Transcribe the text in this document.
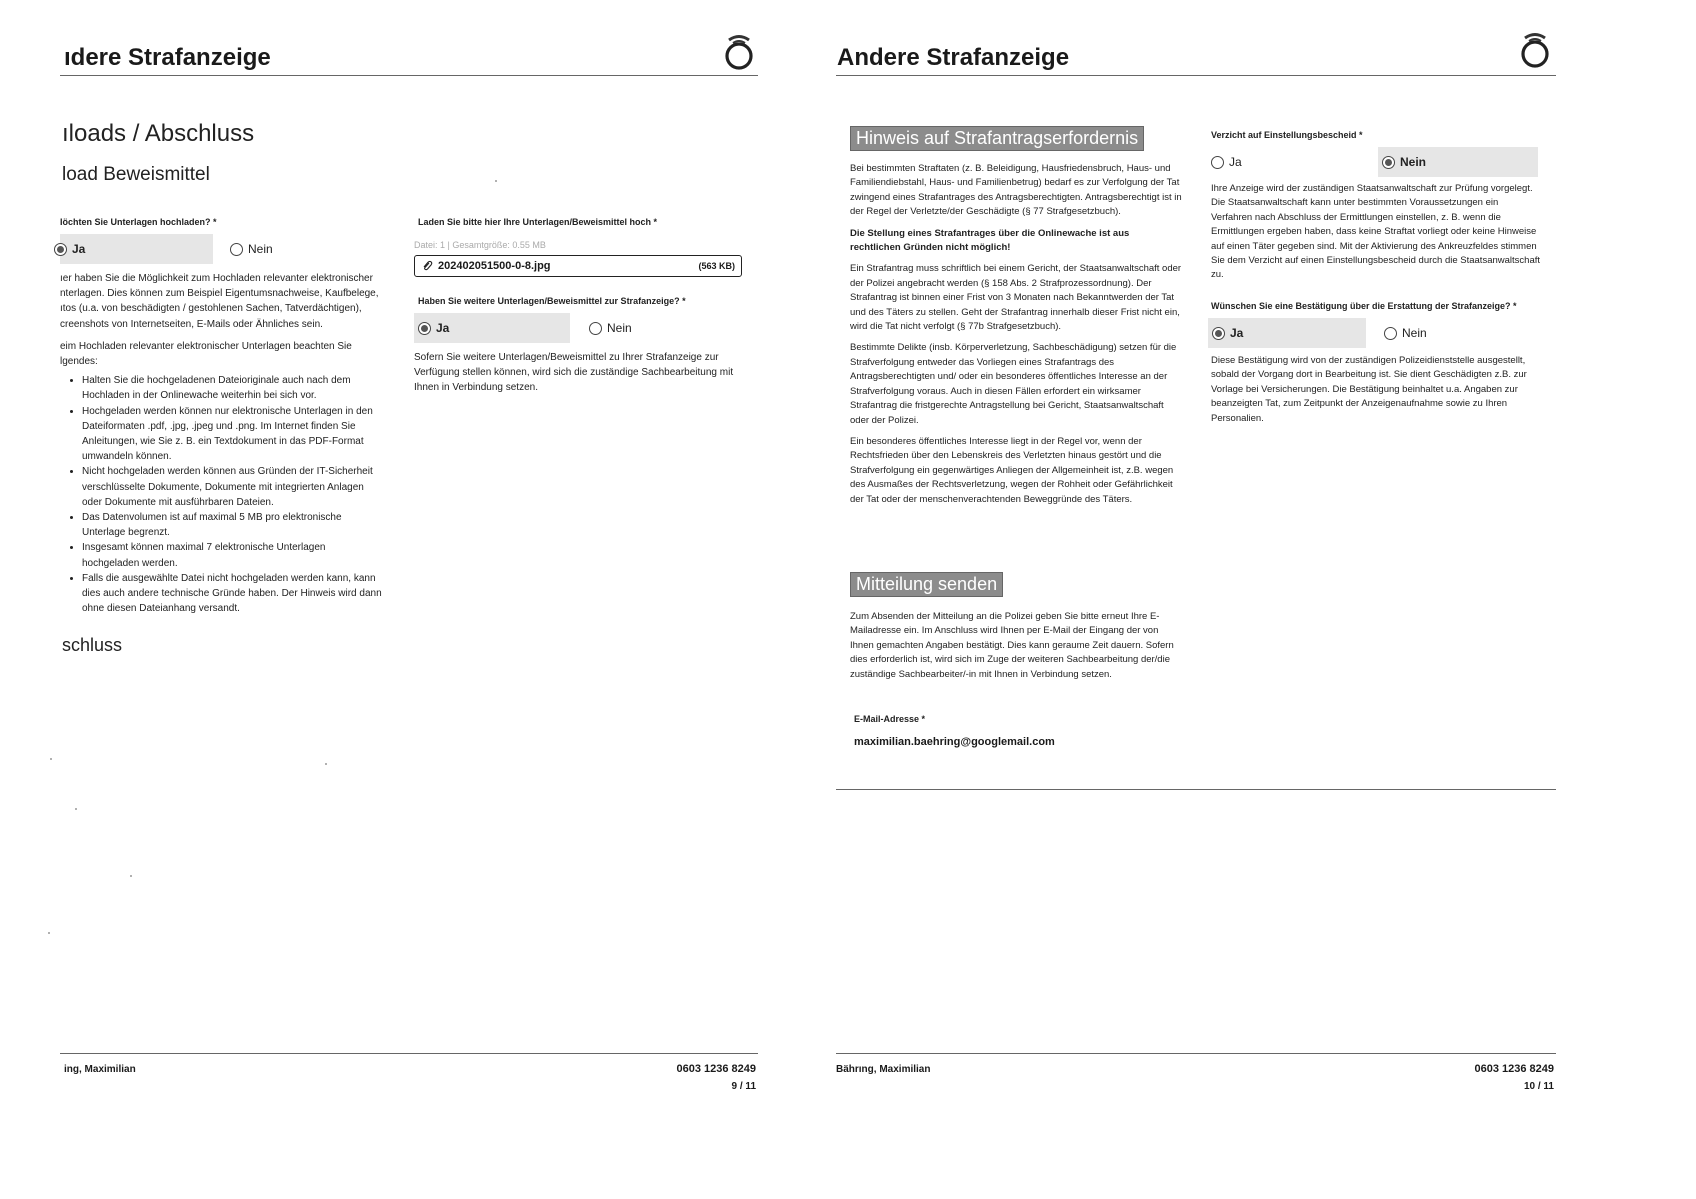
ıdere Strafanzeige
ıloads / Abschluss
load Beweismittel
Iöchten Sie Unterlagen hochladen? *
Ja	Nein

ıer haben Sie die Möglichkeit zum Hochladen relevanter elektronischer nterlagen. Dies können zum Beispiel Eigentumsnachweise, Kaufbelege, ıtos (u.a. von beschädigten / gestohlenen Sachen, Tatverdächtigen), creenshots von Internetseiten, E-Mails oder Ähnliches sein.

eim Hochladen relevanter elektronischer Unterlagen beachten Sie lgendes:

• Halten Sie die hochgeladenen Dateioriginale auch nach dem Hochladen in der Onlinewache weiterhin bei sich vor.
• Hochgeladen werden können nur elektronische Unterlagen in den Dateiformaten .pdf, .jpg, .jpeg und .png. Im Internet finden Sie Anleitungen, wie Sie z. B. ein Textdokument in das PDF-Format umwandeln können.
• Nicht hochgeladen werden können aus Gründen der IT-Sicherheit verschlüsselte Dokumente, Dokumente mit integrierten Anlagen oder Dokumente mit ausführbaren Dateien.
• Das Datenvolumen ist auf maximal 5 MB pro elektronische Unterlage begrenzt.
• Insgesamt können maximal 7 elektronische Unterlagen hochgeladen werden.
• Falls die ausgewählte Datei nicht hochgeladen werden kann, kann dies auch andere technische Gründe haben. Der Hinweis wird dann ohne diesen Dateianhang versandt.
Laden Sie bitte hier Ihre Unterlagen/Beweismittel hoch *
Datei: 1 | Gesamtgröße: 0.55 MB
202402051500-0-8.jpg	(563 KB)
Haben Sie weitere Unterlagen/Beweismittel zur Strafanzeige? *
Ja	Nein
Sofern Sie weitere Unterlagen/Beweismittel zu Ihrer Strafanzeige zur Verfügung stellen können, wird sich die zuständige Sachbearbeitung mit Ihnen in Verbindung setzen.
schluss
ing, Maximilian	0603 1236 8249
9 / 11
Andere Strafanzeige
Hinweis auf Strafantragserfordernis

Bei bestimmten Straftaten (z. B. Beleidigung, Hausfriedensbruch, Haus- und Familiendiebstahl, Haus- und Familienbetrug) bedarf es zur Verfolgung der Tat zwingend eines Strafantrages des Antragsberechtigten. Antragsberechtigt ist in der Regel der Verletzte/der Geschädigte (§ 77 Strafgesetzbuch).

Die Stellung eines Strafantrages über die Onlinewache ist aus rechtlichen Gründen nicht möglich!

Ein Strafantrag muss schriftlich bei einem Gericht, der Staatsanwaltschaft oder der Polizei angebracht werden (§ 158 Abs. 2 Strafprozessordnung). Der Strafantrag ist binnen einer Frist von 3 Monaten nach Bekanntwerden der Tat und des Täters zu stellen. Geht der Strafantrag innerhalb dieser Frist nicht ein, wird die Tat nicht verfolgt (§ 77b Strafgesetzbuch).

Bestimmte Delikte (insb. Körperverletzung, Sachbeschädigung) setzen für die Strafverfolgung entweder das Vorliegen eines Strafantrags des Antragsberechtigten und/ oder ein besonderes öffentliches Interesse an der Strafverfolgung voraus. Auch in diesen Fällen erfordert ein wirksamer Strafantrag die fristgerechte Antragstellung bei Gericht, Staatsanwaltschaft oder der Polizei.

Ein besonderes öffentliches Interesse liegt in der Regel vor, wenn der Rechtsfrieden über den Lebenskreis des Verletzten hinaus gestört und die Strafverfolgung ein gegenwärtiges Anliegen der Allgemeinheit ist, z.B. wegen des Ausmaßes der Rechtsverletzung, wegen der Rohheit oder Gefährlichkeit der Tat oder der menschenverachtenden Beweggründe des Täters.

Mitteilung senden
Zum Absenden der Mitteilung an die Polizei geben Sie bitte erneut Ihre E-Mailadresse ein. Im Anschluss wird Ihnen per E-Mail der Eingang der von Ihnen gemachten Angaben bestätigt. Dies kann geraume Zeit dauern. Sofern dies erforderlich ist, wird sich im Zuge der weiteren Sachbearbeitung der/die zuständige Sachbearbeiter/-in mit Ihnen in Verbindung setzen.
E-Mail-Adresse *
maximilian.baehring@googlemail.com
Verzicht auf Einstellungsbescheid *
Ja	Nein
Ihre Anzeige wird der zuständigen Staatsanwaltschaft zur Prüfung vorgelegt. Die Staatsanwaltschaft kann unter bestimmten Voraussetzungen ein Verfahren nach Abschluss der Ermittlungen einstellen, z. B. wenn die Ermittlungen ergeben haben, dass keine Straftat vorliegt oder keine Hinweise auf einen Täter gegeben sind. Mit der Aktivierung des Ankreuzfeldes stimmen Sie dem Verzicht auf einen Einstellungsbescheid durch die Staatsanwaltschaft zu.
Wünschen Sie eine Bestätigung über die Erstattung der Strafanzeige? *
Ja	Nein
Diese Bestätigung wird von der zuständigen Polizeidienststelle ausgestellt, sobald der Vorgang dort in Bearbeitung ist. Sie dient Geschädigten z.B. zur Vorlage bei Versicherungen. Die Bestätigung beinhaltet u.a. Angaben zur beanzeigten Tat, zum Zeitpunkt der Anzeigenaufnahme sowie zu Ihren Personalien.
Bährıng, Maximilian	0603 1236 8249
10 / 11
